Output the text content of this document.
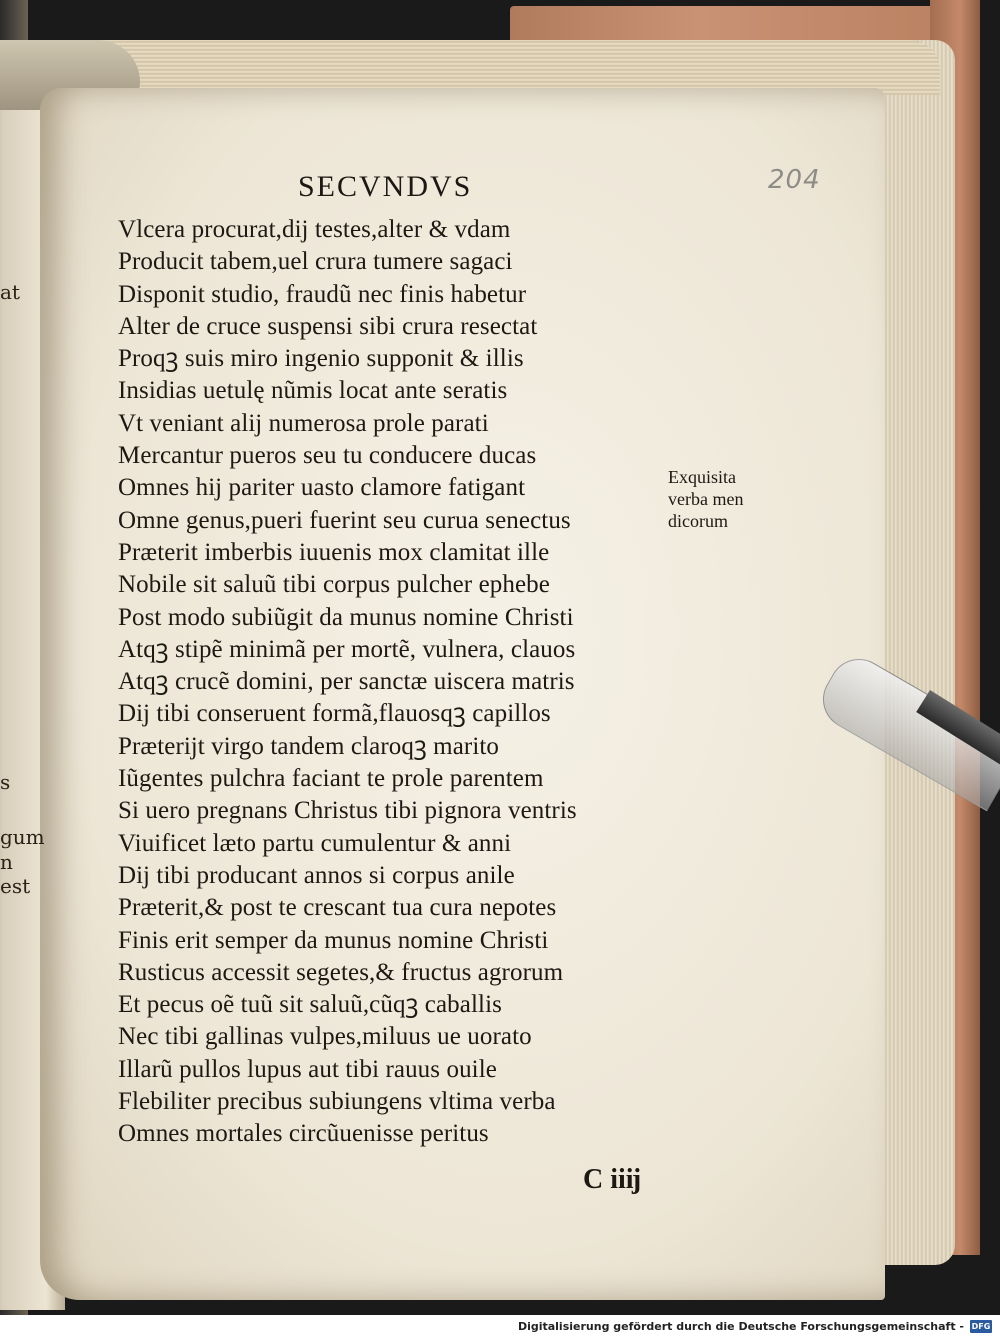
at
s
gum
n est
204
SECVNDVS
Vlcera procurat,dĳ testes,alter & vdam
Producit tabem,uel crura tumere sagaci
Disponit studio, fraudũ nec finis habetur
Alter de cruce suspensi sibi crura resectat
Proqꝫ suis miro ingenio supponit & illis
Insidias uetulę nũmis locat ante seratis
Vt veniant alĳ numerosa prole parati
Mercantur pueros seu tu conducere ducas
Omnes hĳ pariter uasto clamore fatigant
Omne genus,pueri fuerint seu curua senectus
Præterit imberbis iuuenis mox clamitat ille
Nobile sit saluũ tibi corpus pulcher ephebe
Post modo subiũgit da munus nomine Christi
Atqꝫ stipẽ minimã per mortẽ, vulnera, clauos
Atqꝫ crucẽ domini, per sanctæ uiscera matris
Dĳ tibi conseruent formã,flauosqꝫ capillos
Præterĳt virgo tandem claroqꝫ marito
Iũgentes pulchra faciant te prole parentem
Si uero pregnans Christus tibi pignora ventris
Viuificet læto partu cumulentur & anni
Dĳ tibi producant annos si corpus anile
Præterit,& post te crescant tua cura nepotes
Finis erit semper da munus nomine Christi
Rusticus accessit segetes,& fructus agrorum
Et pecus oẽ tuũ sit saluũ,cũqꝫ caballis
Nec tibi gallinas vulpes,miluus ue uorato
Illarũ pullos lupus aut tibi rauus ouile
Flebiliter precibus subiungens vltima verba
Omnes mortales circũuenisse peritus
Exquisita
verba men
dicorum
C iiĳ
Digitalisierung gefördert durch die Deutsche Forschungsgemeinschaft - DFG
